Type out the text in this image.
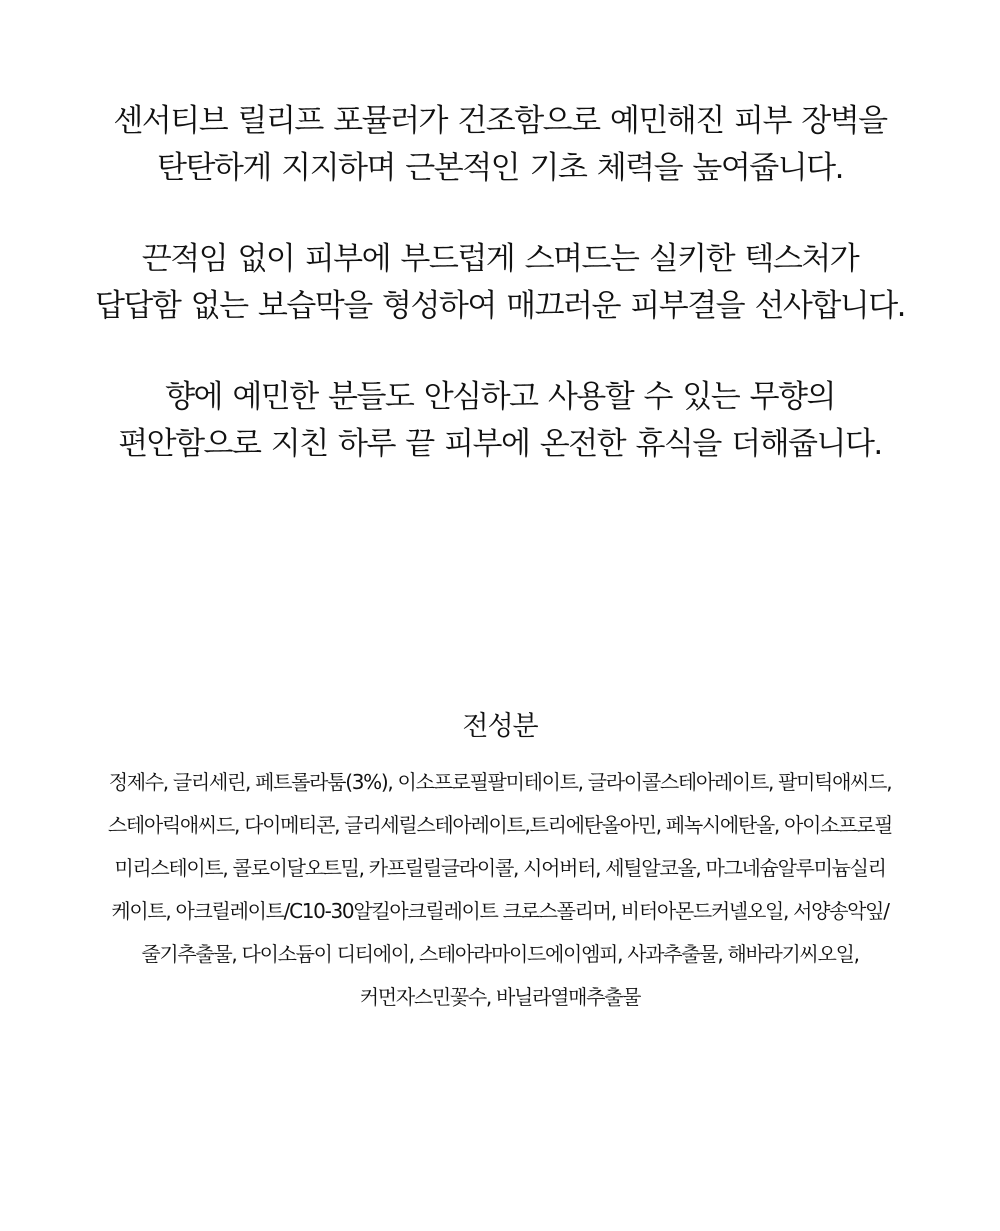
센서티브 릴리프 포뮬러가 건조함으로 예민해진 피부 장벽을
탄탄하게 지지하며 근본적인 기초 체력을 높여줍니다.

끈적임 없이 피부에 부드럽게 스며드는 실키한 텍스처가
답답함 없는 보습막을 형성하여 매끄러운 피부결을 선사합니다.

향에 예민한 분들도 안심하고 사용할 수 있는 무향의
편안함으로 지친 하루 끝 피부에 온전한 휴식을 더해줍니다.

전성분
정제수, 글리세린, 페트롤라툼(3%), 이소프로필팔미테이트, 글라이콜스테아레이트, 팔미틱애씨드,
스테아릭애씨드, 다이메티콘, 글리세릴스테아레이트,트리에탄올아민, 페녹시에탄올, 아이소프로필
미리스테이트, 콜로이달오트밀, 카프릴릴글라이콜, 시어버터, 세틸알코올, 마그네슘알루미늄실리
케이트, 아크릴레이트/C10-30알킬아크릴레이트 크로스폴리머, 비터아몬드커넬오일, 서양송악잎/
줄기추출물, 다이소듐이 디티에이, 스테아라마이드에이엠피, 사과추출물, 해바라기씨오일,
커먼자스민꽃수, 바닐라열매추출물
